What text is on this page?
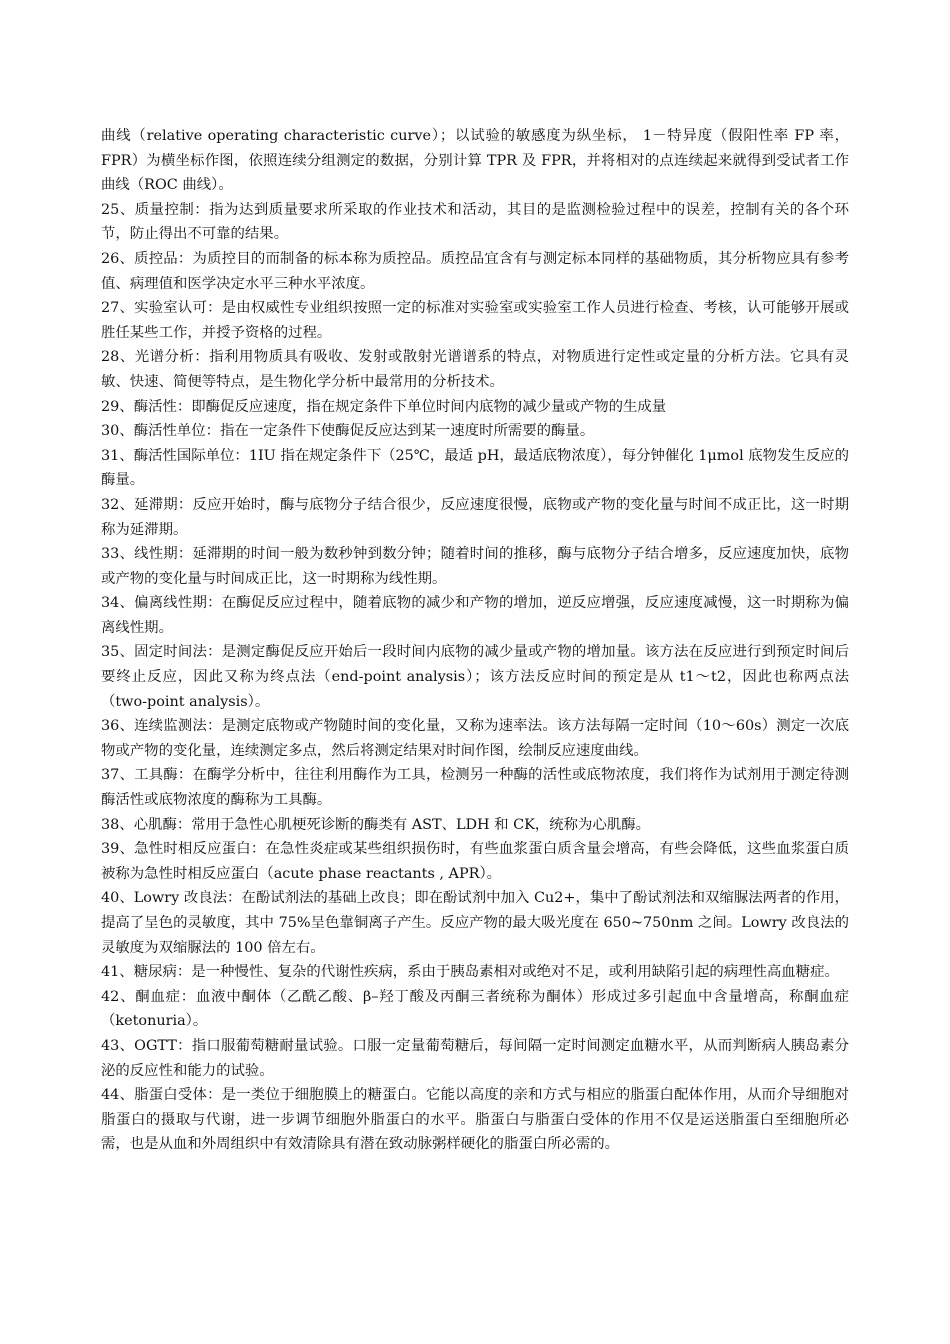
曲线（relative operating characteristic curve）；以试验的敏感度为纵坐标， 1－特异度（假阳性率 FP 率，FPR）为横坐标作图，依照连续分组测定的数据，分别计算 TPR 及 FPR，并将相对的点连续起来就得到受试者工作曲线（ROC 曲线）。

25、质量控制：指为达到质量要求所采取的作业技术和活动，其目的是监测检验过程中的误差，控制有关的各个环节，防止得出不可靠的结果。

26、质控品：为质控目的而制备的标本称为质控品。质控品宜含有与测定标本同样的基础物质，其分析物应具有参考值、病理值和医学决定水平三种水平浓度。

27、实验室认可：是由权威性专业组织按照一定的标准对实验室或实验室工作人员进行检查、考核，认可能够开展或胜任某些工作，并授予资格的过程。

28、光谱分析：指利用物质具有吸收、发射或散射光谱谱系的特点，对物质进行定性或定量的分析方法。它具有灵敏、快速、简便等特点，是生物化学分析中最常用的分析技术。

29、酶活性：即酶促反应速度，指在规定条件下单位时间内底物的减少量或产物的生成量

30、酶活性单位：指在一定条件下使酶促反应达到某一速度时所需要的酶量。

31、酶活性国际单位：1IU 指在规定条件下（25℃，最适 pH，最适底物浓度），每分钟催化 1μmol 底物发生反应的酶量。

32、延滞期：反应开始时，酶与底物分子结合很少，反应速度很慢，底物或产物的变化量与时间不成正比，这一时期称为延滞期。

33、线性期：延滞期的时间一般为数秒钟到数分钟；随着时间的推移，酶与底物分子结合增多，反应速度加快，底物或产物的变化量与时间成正比，这一时期称为线性期。

34、偏离线性期：在酶促反应过程中，随着底物的减少和产物的增加，逆反应增强，反应速度减慢，这一时期称为偏离线性期。

35、固定时间法：是测定酶促反应开始后一段时间内底物的减少量或产物的增加量。该方法在反应进行到预定时间后要终止反应，因此又称为终点法（end-point analysis）；该方法反应时间的预定是从 t1～t2，因此也称两点法（two-point analysis）。

36、连续监测法：是测定底物或产物随时间的变化量，又称为速率法。该方法每隔一定时间（10～60s）测定一次底物或产物的变化量，连续测定多点，然后将测定结果对时间作图，绘制反应速度曲线。

37、工具酶：在酶学分析中，往往利用酶作为工具，检测另一种酶的活性或底物浓度，我们将作为试剂用于测定待测酶活性或底物浓度的酶称为工具酶。

38、心肌酶：常用于急性心肌梗死诊断的酶类有 AST、LDH 和 CK，统称为心肌酶。

39、急性时相反应蛋白：在急性炎症或某些组织损伤时，有些血浆蛋白质含量会增高，有些会降低，这些血浆蛋白质被称为急性时相反应蛋白（acute phase reactants , APR）。

40、Lowry 改良法：在酚试剂法的基础上改良；即在酚试剂中加入 Cu2+，集中了酚试剂法和双缩脲法两者的作用，提高了呈色的灵敏度，其中 75%呈色靠铜离子产生。反应产物的最大吸光度在 650~750nm 之间。Lowry 改良法的灵敏度为双缩脲法的 100 倍左右。

41、糖尿病：是一种慢性、复杂的代谢性疾病，系由于胰岛素相对或绝对不足，或利用缺陷引起的病理性高血糖症。

42、酮血症：血液中酮体（乙酰乙酸、β–羟丁酸及丙酮三者统称为酮体）形成过多引起血中含量增高，称酮血症（ketonuria）。

43、OGTT：指口服葡萄糖耐量试验。口服一定量葡萄糖后，每间隔一定时间测定血糖水平，从而判断病人胰岛素分泌的反应性和能力的试验。

44、脂蛋白受体：是一类位于细胞膜上的糖蛋白。它能以高度的亲和方式与相应的脂蛋白配体作用，从而介导细胞对脂蛋白的摄取与代谢，进一步调节细胞外脂蛋白的水平。脂蛋白与脂蛋白受体的作用不仅是运送脂蛋白至细胞所必需，也是从血和外周组织中有效清除具有潜在致动脉粥样硬化的脂蛋白所必需的。
